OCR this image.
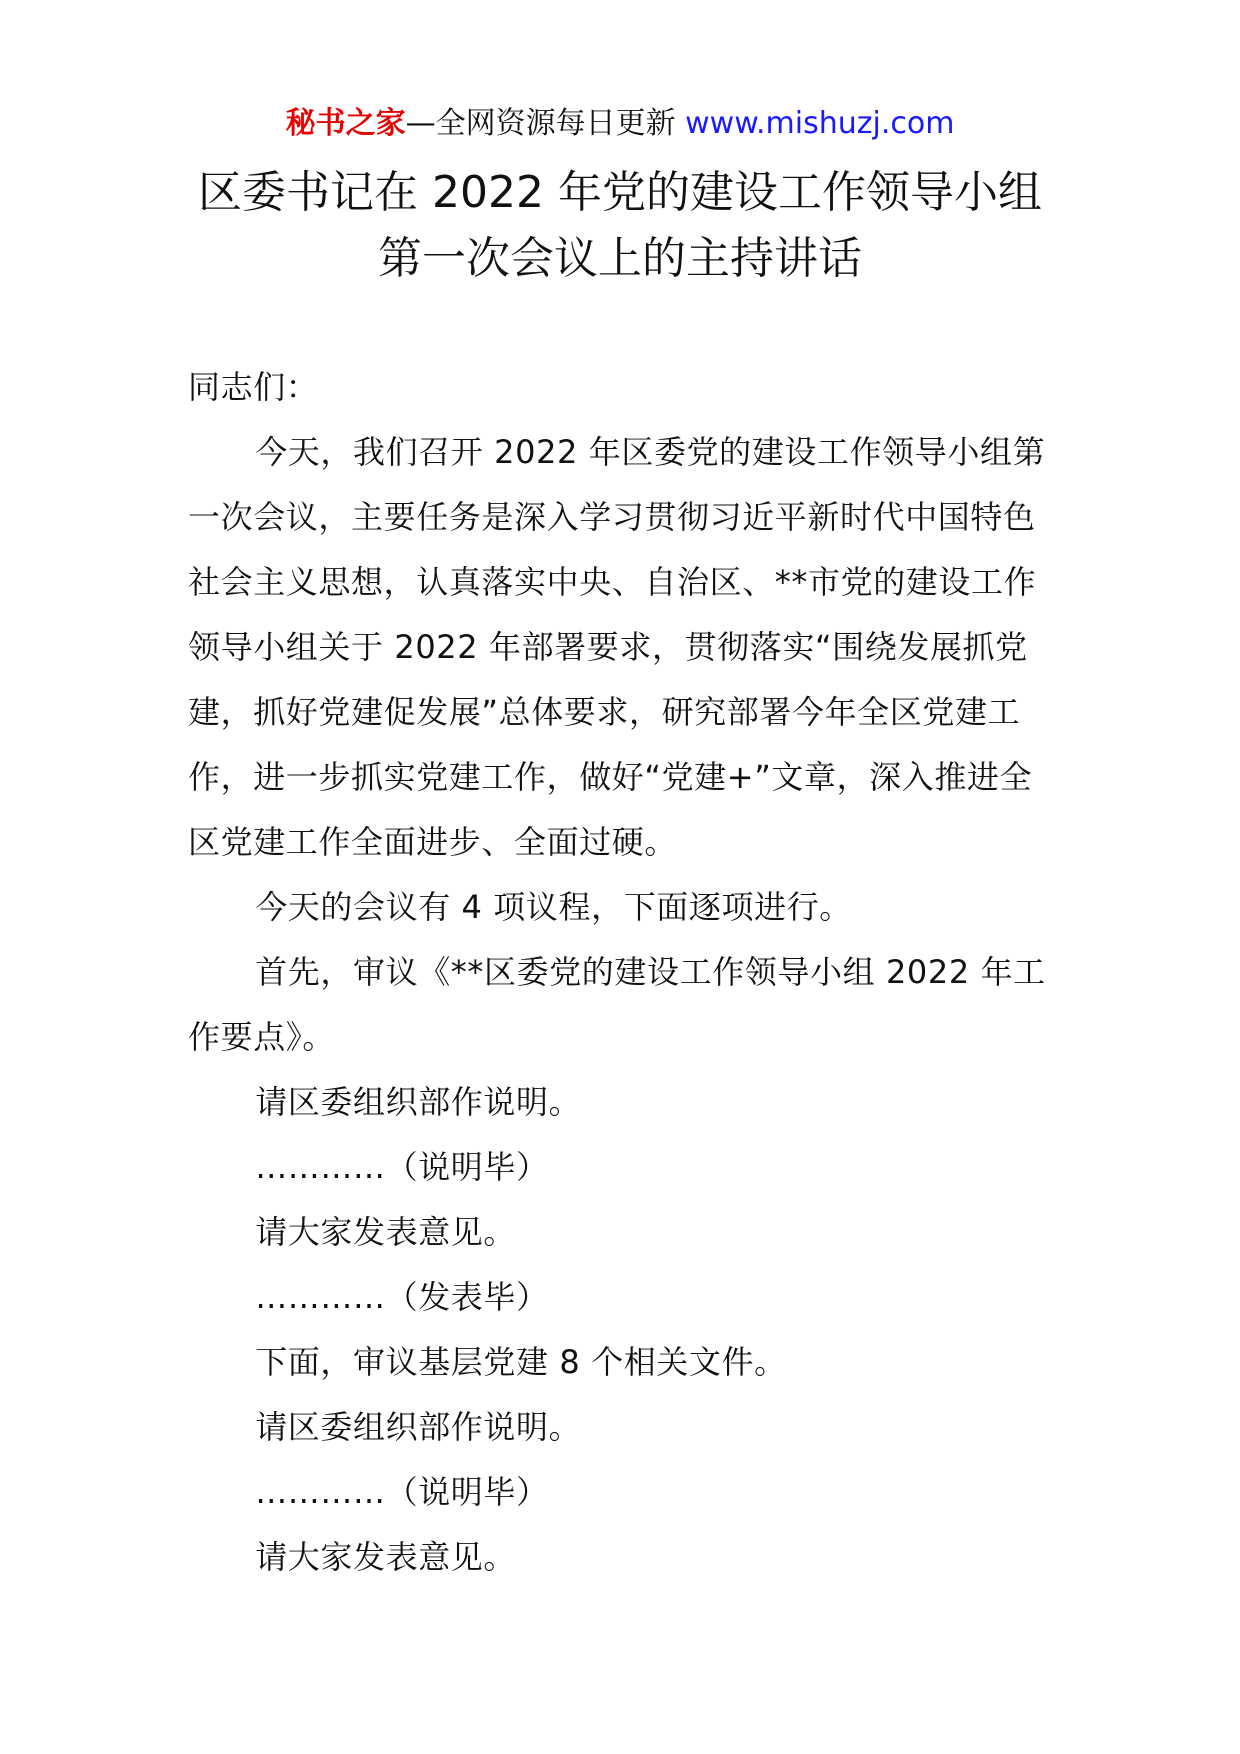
秘书之家—全网资源每日更新 www.mishuzj.com
区委书记在 2022 年党的建设工作领导小组
第一次会议上的主持讲话

同志们：

今天，我们召开 2022 年区委党的建设工作领导小组第一次会议，主要任务是深入学习贯彻习近平新时代中国特色社会主义思想，认真落实中央、自治区、**市党的建设工作领导小组关于 2022 年部署要求，贯彻落实“围绕发展抓党建，抓好党建促发展”总体要求，研究部署今年全区党建工作，进一步抓实党建工作，做好“党建+”文章，深入推进全区党建工作全面进步、全面过硬。

今天的会议有 4 项议程，下面逐项进行。

首先，审议《**区委党的建设工作领导小组 2022 年工作要点》。

请区委组织部作说明。

…………（说明毕）

请大家发表意见。

…………（发表毕）

下面，审议基层党建 8 个相关文件。

请区委组织部作说明。

…………（说明毕）

请大家发表意见。
